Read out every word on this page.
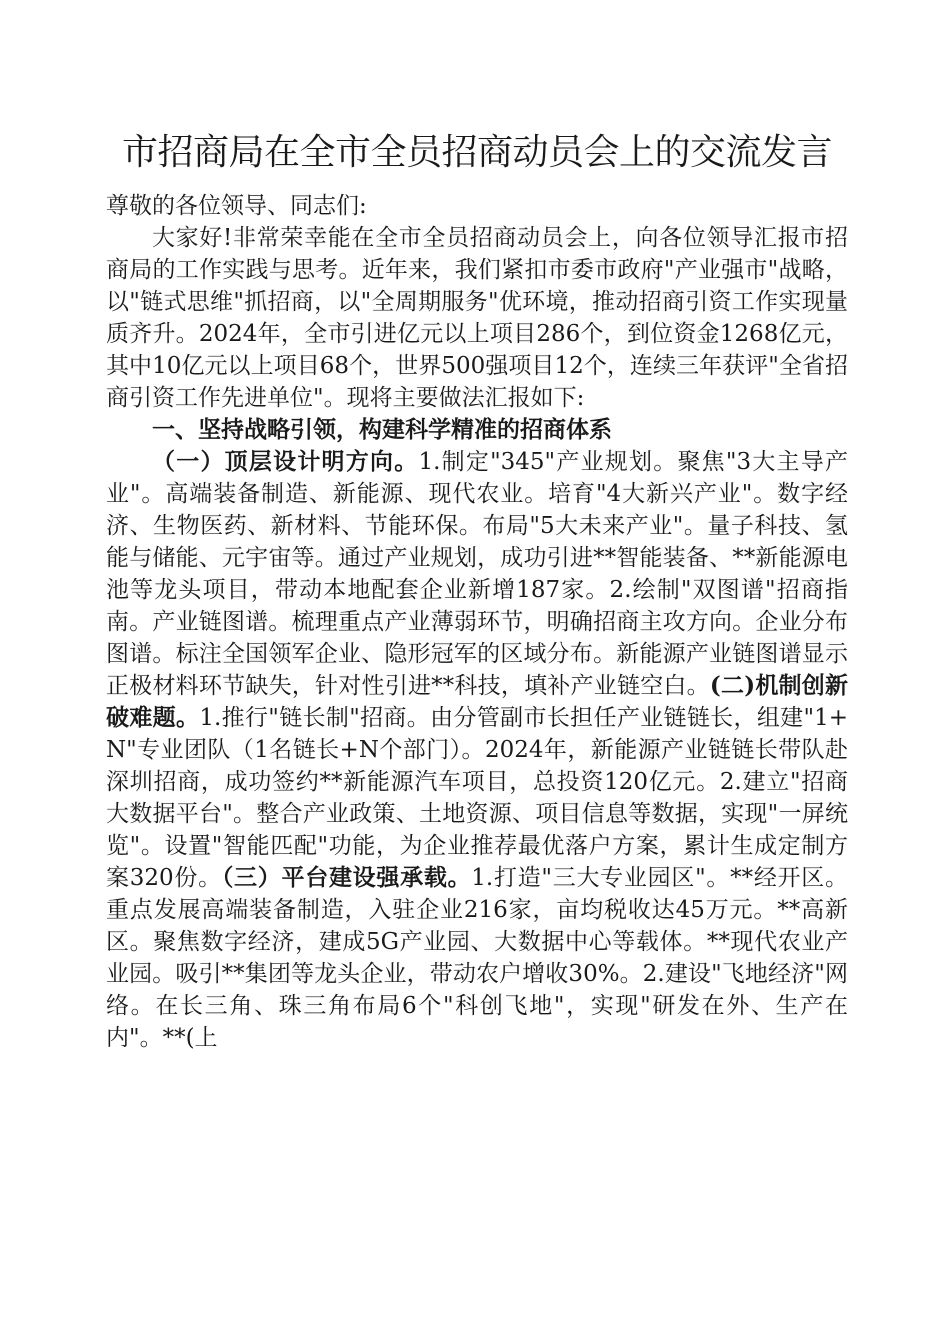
市招商局在全市全员招商动员会上的交流发言

尊敬的各位领导、同志们:

大家好!非常荣幸能在全市全员招商动员会上，向各位领导汇报市招商局的工作实践与思考。近年来，我们紧扣市委市政府"产业强市"战略，以"链式思维"抓招商，以"全周期服务"优环境，推动招商引资工作实现量质齐升。2024年，全市引进亿元以上项目286个，到位资金1268亿元，其中10亿元以上项目68个，世界500强项目12个，连续三年获评"全省招商引资工作先进单位"。现将主要做法汇报如下:

一、坚持战略引领，构建科学精准的招商体系

（一）顶层设计明方向。1.制定"345"产业规划。聚焦"3大主导产业"。高端装备制造、新能源、现代农业。培育"4大新兴产业"。数字经济、生物医药、新材料、节能环保。布局"5大未来产业"。量子科技、氢能与储能、元宇宙等。通过产业规划，成功引进**智能装备、**新能源电池等龙头项目，带动本地配套企业新增187家。2.绘制"双图谱"招商指南。产业链图谱。梳理重点产业薄弱环节，明确招商主攻方向。企业分布图谱。标注全国领军企业、隐形冠军的区域分布。新能源产业链图谱显示正极材料环节缺失，针对性引进**科技，填补产业链空白。(二)机制创新破难题。1.推行"链长制"招商。由分管副市长担任产业链链长，组建"1+N"专业团队（1名链长+N个部门）。2024年，新能源产业链链长带队赴深圳招商，成功签约**新能源汽车项目，总投资120亿元。2.建立"招商大数据平台"。整合产业政策、土地资源、项目信息等数据，实现"一屏统览"。设置"智能匹配"功能，为企业推荐最优落户方案，累计生成定制方案320份。（三）平台建设强承载。1.打造"三大专业园区"。**经开区。重点发展高端装备制造，入驻企业216家，亩均税收达45万元。**高新区。聚焦数字经济，建成5G产业园、大数据中心等载体。**现代农业产业园。吸引**集团等龙头企业，带动农户增收30%。2.建设"飞地经济"网络。在长三角、珠三角布局6个"科创飞地"，实现"研发在外、生产在内"。**(上
